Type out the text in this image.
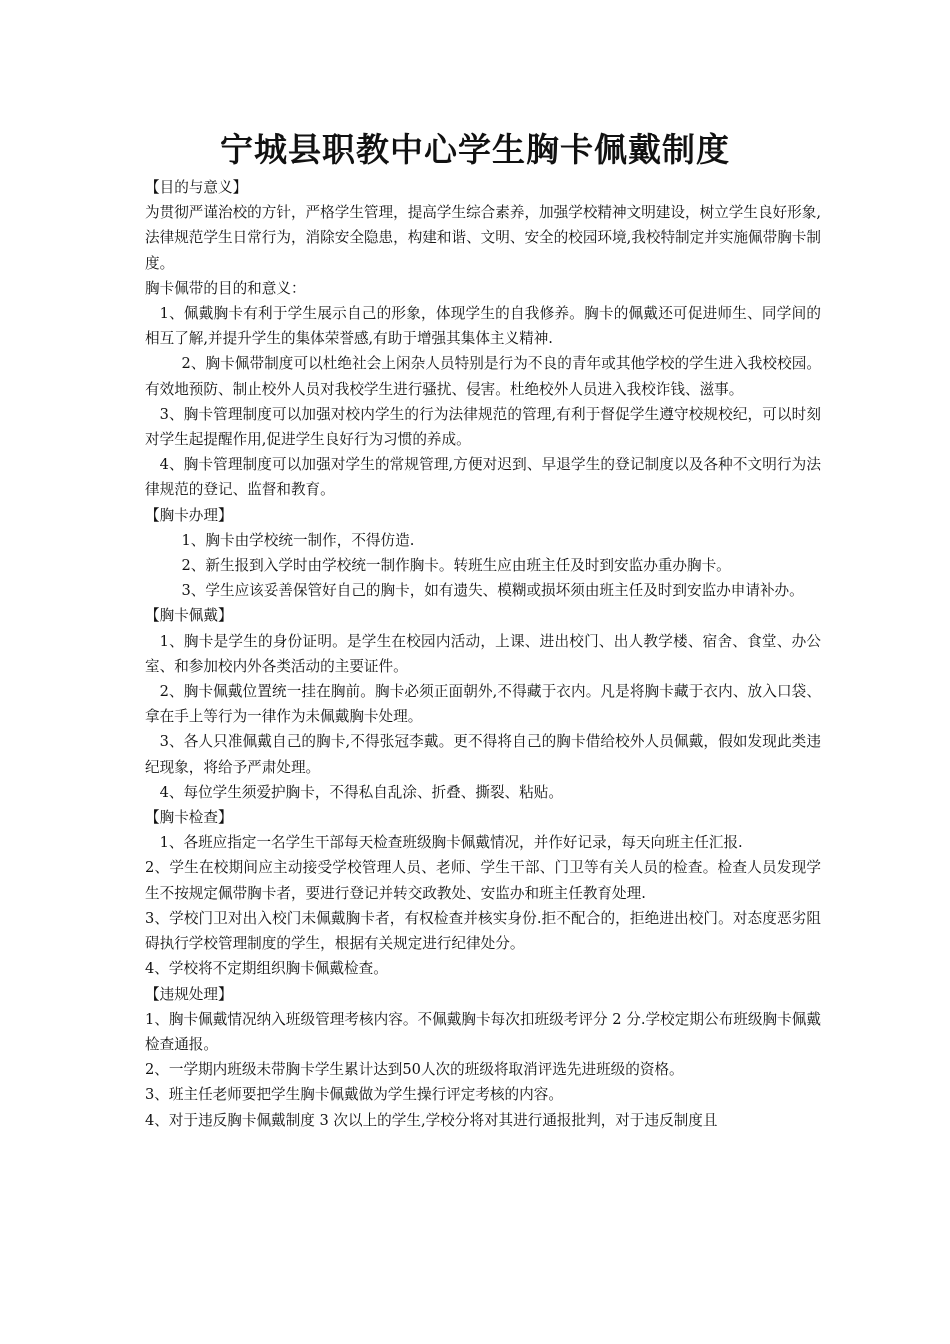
宁城县职教中心学生胸卡佩戴制度

【目的与意义】

为贯彻严谨治校的方针，严格学生管理，提高学生综合素养，加强学校精神文明建设，树立学生良好形象,法律规范学生日常行为，消除安全隐患，构建和谐、文明、安全的校园环境,我校特制定并实施佩带胸卡制度。

胸卡佩带的目的和意义：

1、佩戴胸卡有利于学生展示自己的形象，体现学生的自我修养。胸卡的佩戴还可促进师生、同学间的相互了解,并提升学生的集体荣誉感,有助于增强其集体主义精神.

2、胸卡佩带制度可以杜绝社会上闲杂人员特别是行为不良的青年或其他学校的学生进入我校校园。有效地预防、制止校外人员对我校学生进行骚扰、侵害。杜绝校外人员进入我校诈钱、滋事。

3、胸卡管理制度可以加强对校内学生的行为法律规范的管理,有利于督促学生遵守校规校纪，可以时刻对学生起提醒作用,促进学生良好行为习惯的养成。

4、胸卡管理制度可以加强对学生的常规管理,方便对迟到、早退学生的登记制度以及各种不文明行为法律规范的登记、监督和教育。

【胸卡办理】

1、胸卡由学校统一制作，不得仿造.

2、新生报到入学时由学校统一制作胸卡。转班生应由班主任及时到安监办重办胸卡。

3、学生应该妥善保管好自己的胸卡，如有遗失、模糊或损坏须由班主任及时到安监办申请补办。

【胸卡佩戴】

1、胸卡是学生的身份证明。是学生在校园内活动，上课、进出校门、出人教学楼、宿舍、食堂、办公室、和参加校内外各类活动的主要证件。

2、胸卡佩戴位置统一挂在胸前。胸卡必须正面朝外,不得藏于衣内。凡是将胸卡藏于衣内、放入口袋、拿在手上等行为一律作为未佩戴胸卡处理。

3、各人只准佩戴自己的胸卡,不得张冠李戴。更不得将自己的胸卡借给校外人员佩戴，假如发现此类违纪现象，将给予严肃处理。

4、每位学生须爱护胸卡，不得私自乱涂、折叠、撕裂、粘贴。

【胸卡检查】

1、各班应指定一名学生干部每天检查班级胸卡佩戴情况，并作好记录，每天向班主任汇报.

2、学生在校期间应主动接受学校管理人员、老师、学生干部、门卫等有关人员的检查。检查人员发现学生不按规定佩带胸卡者，要进行登记并转交政教处、安监办和班主任教育处理.

3、学校门卫对出入校门未佩戴胸卡者，有权检查并核实身份.拒不配合的，拒绝进出校门。对态度恶劣阻碍执行学校管理制度的学生，根据有关规定进行纪律处分。

4、学校将不定期组织胸卡佩戴检查。

【违规处理】

1、胸卡佩戴情况纳入班级管理考核内容。不佩戴胸卡每次扣班级考评分 2 分.学校定期公布班级胸卡佩戴检查通报。

2、一学期内班级未带胸卡学生累计达到50人次的班级将取消评选先进班级的资格。

3、班主任老师要把学生胸卡佩戴做为学生操行评定考核的内容。

4、对于违反胸卡佩戴制度 3 次以上的学生,学校分将对其进行通报批判，对于违反制度且
